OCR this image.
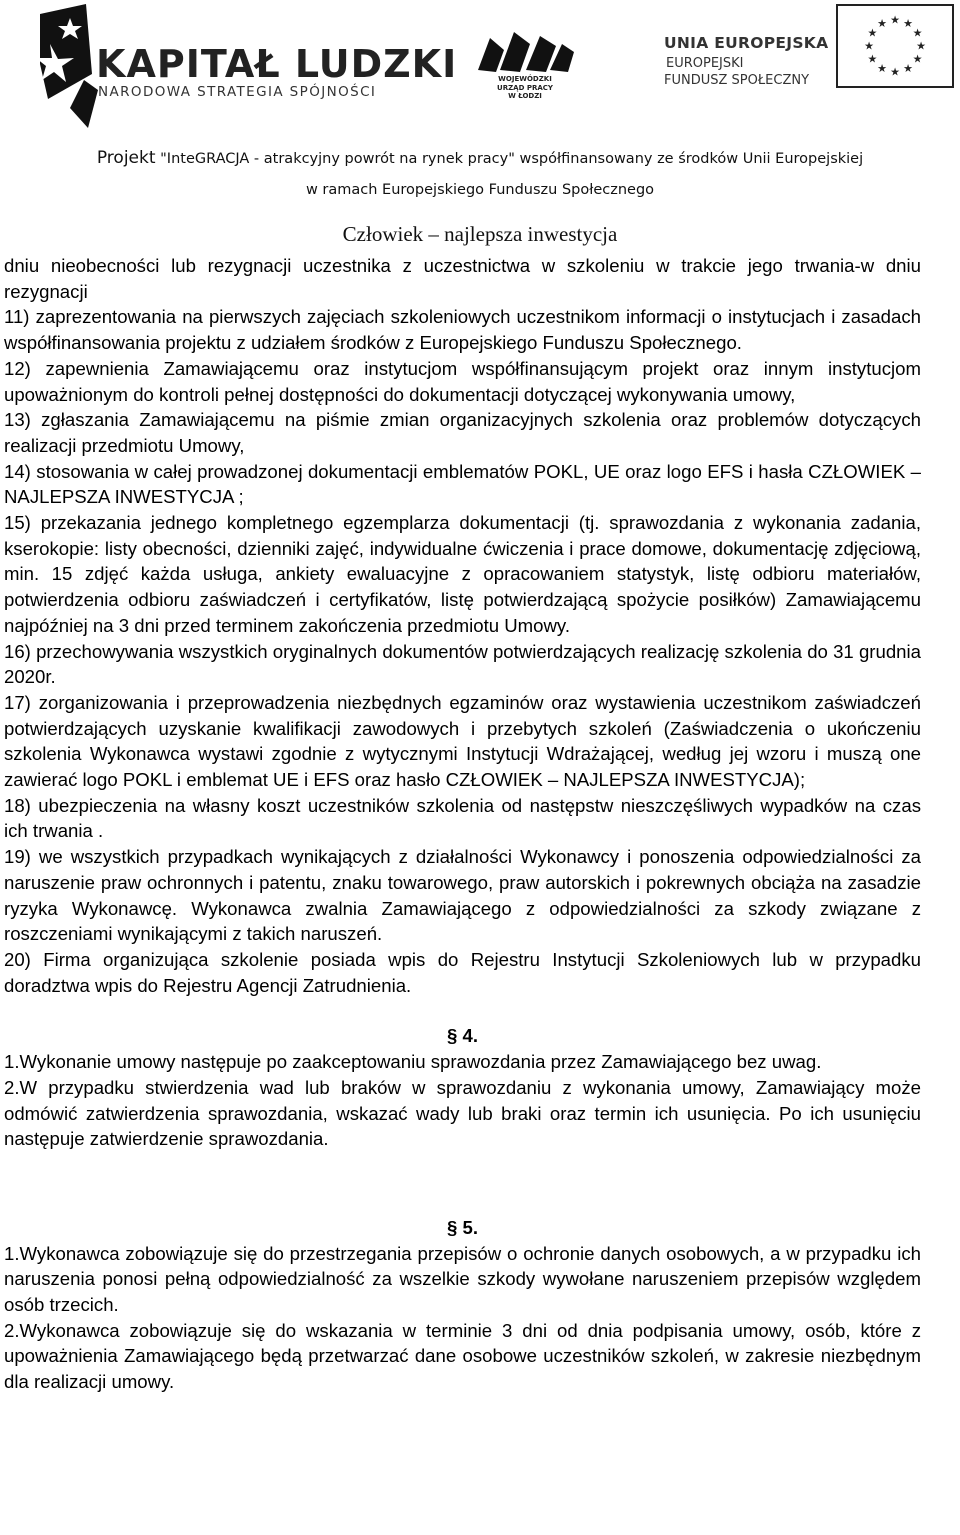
KAPITAŁ LUDZKI
NARODOWA STRATEGIA SPÓJNOŚCI
WOJEWÓDZKI
URZĄD PRACY
W ŁODZI
UNIA EUROPEJSKA
EUROPEJSKI
FUNDUSZ SPOŁECZNY
★ ★
★
★
★
★
★
★
★
★
★
★
Projekt "InteGRACJA - atrakcyjny powrót na rynek pracy" współfinansowany ze środków Unii Europejskiej
w ramach Europejskiego Funduszu Społecznego
Człowiek – najlepsza inwestycja

dniu nieobecności lub rezygnacji uczestnika z uczestnictwa w szkoleniu w trakcie jego trwania-w dniu rezygnacji

11) zaprezentowania na pierwszych zajęciach szkoleniowych uczestnikom informacji o instytucjach i zasadach współfinansowania projektu z udziałem środków z Europejskiego Funduszu Społecznego.

12) zapewnienia Zamawiającemu oraz instytucjom współfinansującym projekt oraz innym instytucjom upoważnionym do kontroli pełnej dostępności do dokumentacji dotyczącej wykonywania umowy,

13) zgłaszania Zamawiającemu na piśmie zmian organizacyjnych szkolenia oraz problemów dotyczących realizacji przedmiotu Umowy,

14) stosowania w całej prowadzonej dokumentacji emblematów POKL, UE oraz logo EFS i hasła CZŁOWIEK – NAJLEPSZA INWESTYCJA ;

15) przekazania jednego kompletnego egzemplarza dokumentacji (tj. sprawozdania z wykonania zadania, kserokopie: listy obecności, dzienniki zajęć, indywidualne ćwiczenia i prace domowe, dokumentację zdjęciową, min. 15 zdjęć każda usługa, ankiety ewaluacyjne z opracowaniem statystyk, listę odbioru materiałów, potwierdzenia odbioru zaświadczeń i certyfikatów, listę potwierdzającą spożycie posiłków) Zamawiającemu najpóźniej na 3 dni przed terminem zakończenia przedmiotu Umowy.

16) przechowywania wszystkich oryginalnych dokumentów potwierdzających realizację szkolenia do 31 grudnia 2020r.

17) zorganizowania i przeprowadzenia niezbędnych egzaminów oraz wystawienia uczestnikom zaświadczeń potwierdzających uzyskanie kwalifikacji zawodowych i przebytych szkoleń (Zaświadczenia o ukończeniu szkolenia Wykonawca wystawi zgodnie z wytycznymi Instytucji Wdrażającej, według jej wzoru i muszą one zawierać logo POKL i emblemat UE i EFS oraz hasło CZŁOWIEK – NAJLEPSZA INWESTYCJA);

18) ubezpieczenia na własny koszt uczestników szkolenia od następstw nieszczęśliwych wypadków na czas ich trwania .

19) we wszystkich przypadkach wynikających z działalności Wykonawcy i ponoszenia odpowiedzialności za naruszenie praw ochronnych i patentu, znaku towarowego, praw autorskich i pokrewnych obciąża na zasadzie ryzyka Wykonawcę. Wykonawca zwalnia Zamawiającego z odpowiedzialności za szkody związane z roszczeniami wynikającymi z takich naruszeń.

20) Firma organizująca szkolenie posiada wpis do Rejestru Instytucji Szkoleniowych lub w przypadku doradztwa wpis do Rejestru Agencji Zatrudnienia.

§ 4.

1.Wykonanie umowy następuje po zaakceptowaniu sprawozdania przez Zamawiającego bez uwag.

2.W przypadku stwierdzenia wad lub braków w sprawozdaniu z wykonania umowy, Zamawiający może odmówić zatwierdzenia sprawozdania, wskazać wady lub braki oraz termin ich usunięcia. Po ich usunięciu następuje zatwierdzenie sprawozdania.

§ 5.

1.Wykonawca zobowiązuje się do przestrzegania przepisów o ochronie danych osobowych, a w przypadku ich naruszenia ponosi pełną odpowiedzialność za wszelkie szkody wywołane naruszeniem przepisów względem osób trzecich.

2.Wykonawca zobowiązuje się do wskazania w terminie 3 dni od dnia podpisania umowy, osób, które z upoważnienia Zamawiającego będą przetwarzać dane osobowe uczestników szkoleń, w zakresie niezbędnym dla realizacji umowy.
